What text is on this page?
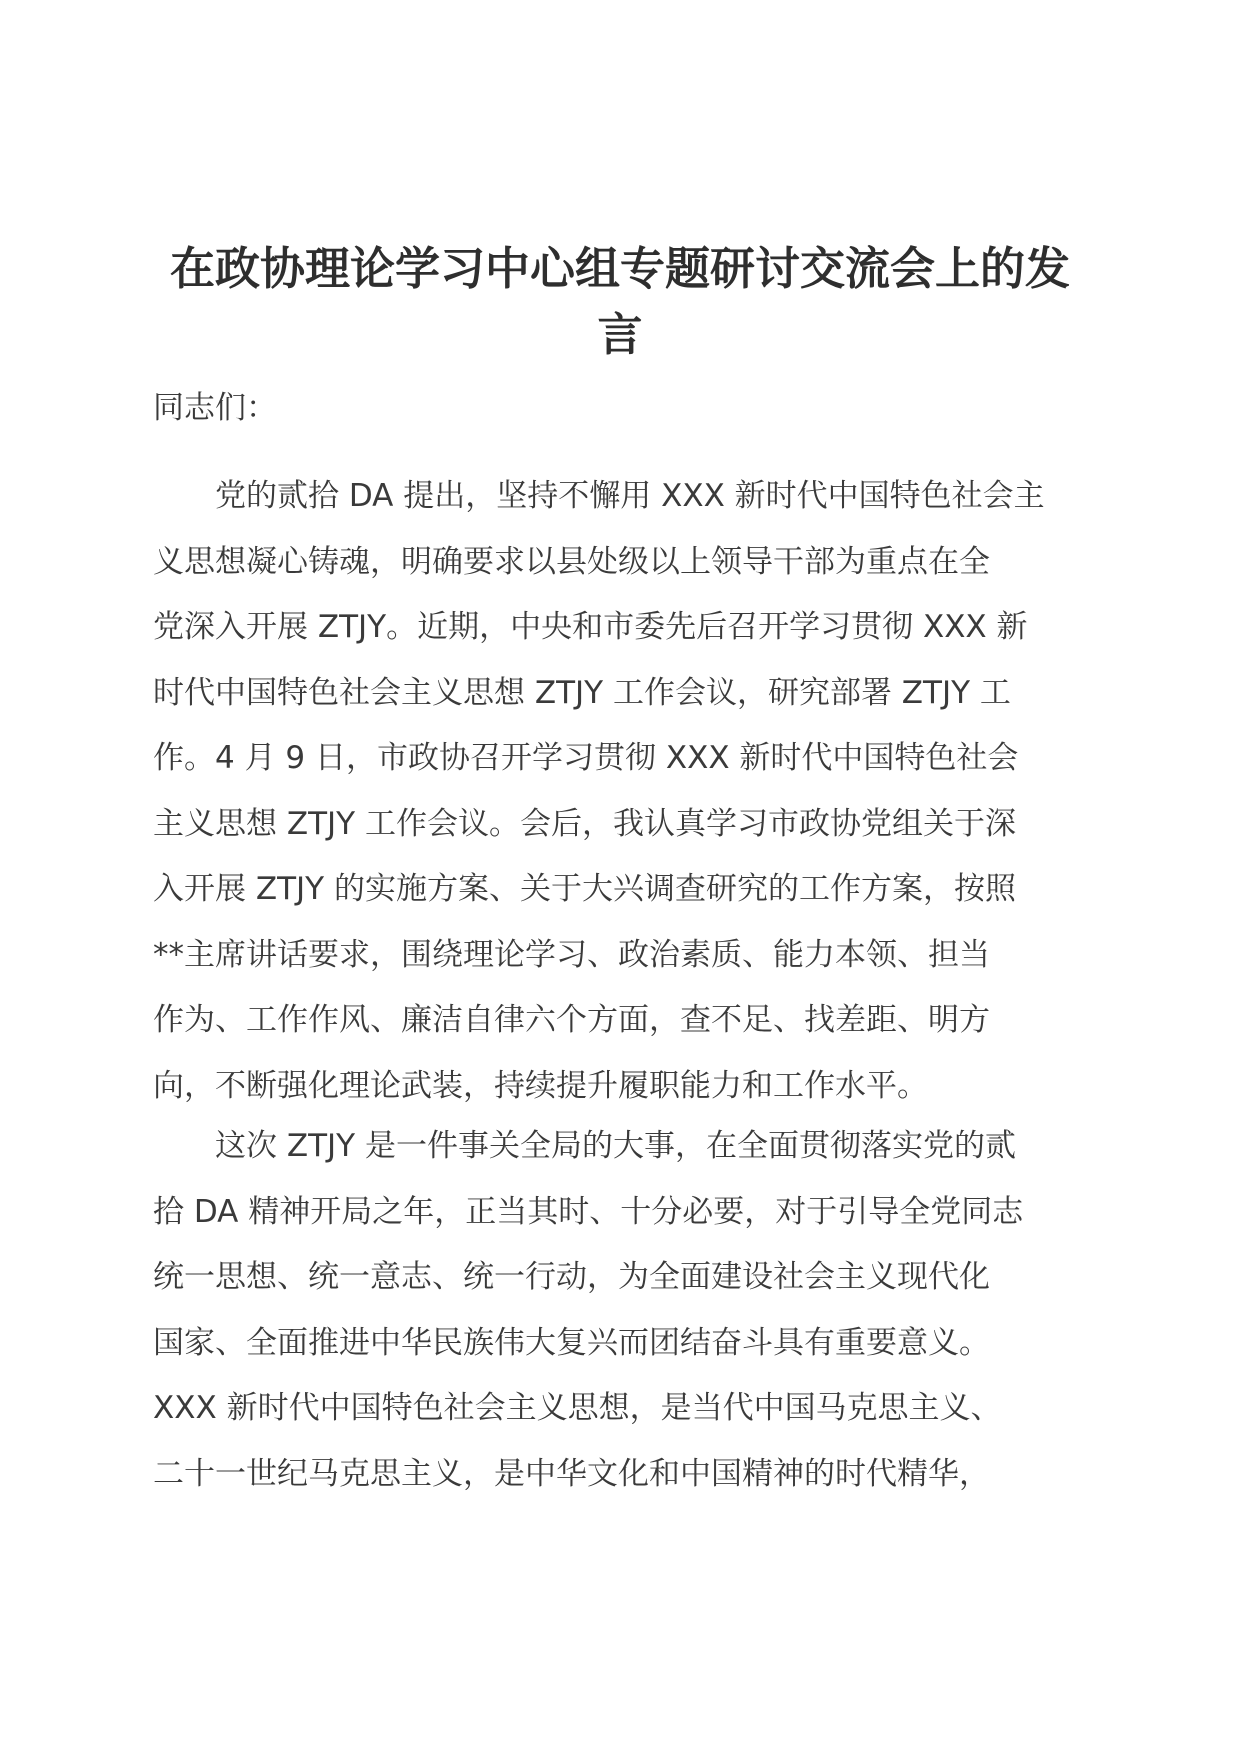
在政协理论学习中心组专题研讨交流会上的发
言

同志们：

　　党的贰拾 DA 提出，坚持不懈用 XXX 新时代中国特色社会主
义思想凝心铸魂，明确要求以县处级以上领导干部为重点在全
党深入开展 ZTJY。近期，中央和市委先后召开学习贯彻 XXX 新
时代中国特色社会主义思想 ZTJY 工作会议，研究部署 ZTJY 工
作。4 月 9 日，市政协召开学习贯彻 XXX 新时代中国特色社会
主义思想 ZTJY 工作会议。会后，我认真学习市政协党组关于深
入开展 ZTJY 的实施方案、关于大兴调查研究的工作方案，按照
**主席讲话要求，围绕理论学习、政治素质、能力本领、担当
作为、工作作风、廉洁自律六个方面，查不足、找差距、明方
向，不断强化理论武装，持续提升履职能力和工作水平。
　　这次 ZTJY 是一件事关全局的大事，在全面贯彻落实党的贰
拾 DA 精神开局之年，正当其时、十分必要，对于引导全党同志
统一思想、统一意志、统一行动，为全面建设社会主义现代化
国家、全面推进中华民族伟大复兴而团结奋斗具有重要意义。
XXX 新时代中国特色社会主义思想，是当代中国马克思主义、
二十一世纪马克思主义，是中华文化和中国精神的时代精华，
